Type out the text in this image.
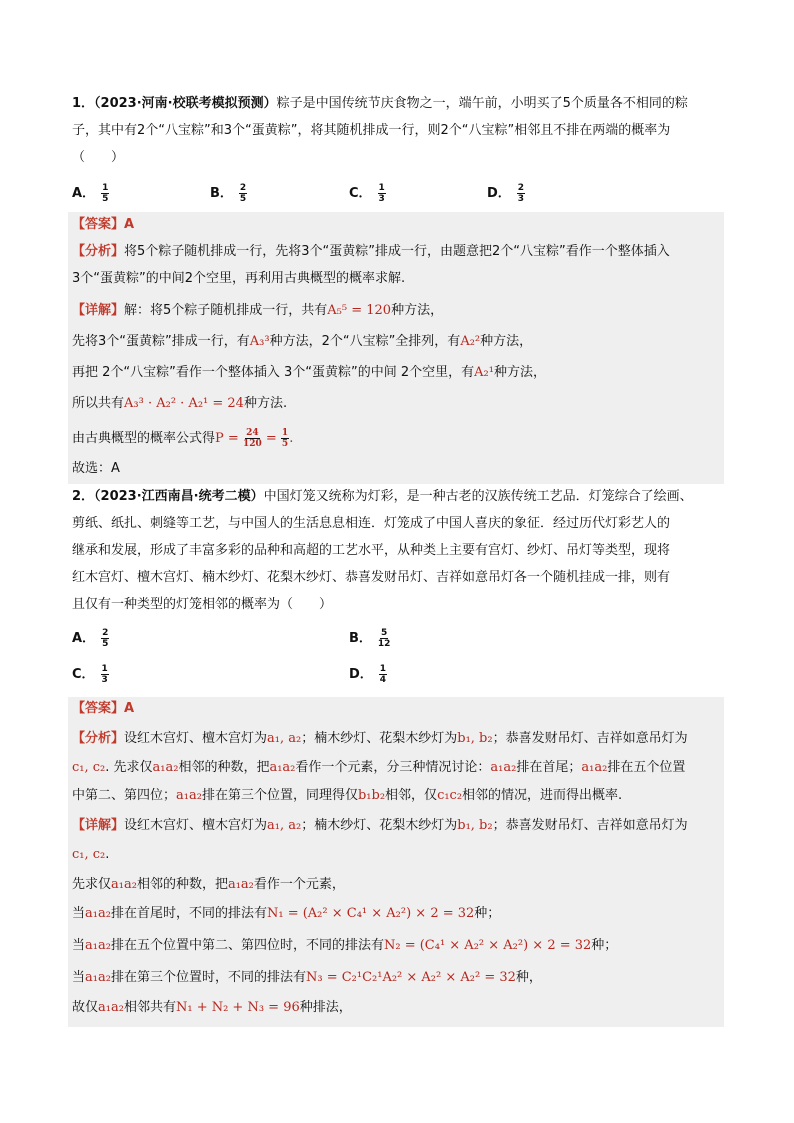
1．（2023·河南·校联考模拟预测）粽子是中国传统节庆食物之一，端午前，小明买了5个质量各不相同的粽
子，其中有2个“八宝粽”和3个“蛋黄粽”，将其随机排成一行，则2个“八宝粽”相邻且不排在两端的概率为
（　　）
A． $\frac{1}{5}$	B． $\frac{2}{5}$	C． $\frac{1}{3}$	D． $\frac{2}{3}$
【答案】A
【分析】将5个粽子随机排成一行，先将3个“蛋黄粽”排成一行，由题意把2个“八宝粽”看作一个整体插入
3个“蛋黄粽”的中间2个空里，再利用古典概型的概率求解.
【详解】解：将5个粽子随机排成一行，共有A₅⁵ = 120种方法，
先将3个“蛋黄粽”排成一行，有A₃³种方法，2个“八宝粽”全排列，有A₂²种方法，
再把 2个“八宝粽”看作一个整体插入 3个“蛋黄粽”的中间 2个空里，有A₂¹种方法，
所以共有A₃³ · A₂² · A₂¹ = 24种方法.
由古典概型的概率公式得$P = \frac{24}{120} = \frac{1}{5}$ .
故选：A
2．（2023·江西南昌·统考二模）中国灯笼又统称为灯彩，是一种古老的汉族传统工艺品．灯笼综合了绘画、
剪纸、纸扎、刺缝等工艺，与中国人的生活息息相连．灯笼成了中国人喜庆的象征．经过历代灯彩艺人的
继承和发展，形成了丰富多彩的品种和高超的工艺水平，从种类上主要有宫灯、纱灯、吊灯等类型，现将
红木宫灯、檀木宫灯、楠木纱灯、花梨木纱灯、恭喜发财吊灯、吉祥如意吊灯各一个随机挂成一排，则有
且仅有一种类型的灯笼相邻的概率为（　　）
A． $\frac{2}{5}$	B． $\frac{5}{12}$
C． $\frac{1}{3}$	D． $\frac{1}{4}$
【答案】A
【分析】设红木宫灯、檀木宫灯为a₁, a₂；楠木纱灯、花梨木纱灯为b₁, b₂；恭喜发财吊灯、吉祥如意吊灯为
c₁, c₂. 先求仅a₁a₂相邻的种数，把a₁a₂看作一个元素，分三种情况讨论：a₁a₂排在首尾；a₁a₂排在五个位置
中第二、第四位；a₁a₂排在第三个位置，同理得仅b₁b₂相邻，仅c₁c₂相邻的情况，进而得出概率.
【详解】设红木宫灯、檀木宫灯为a₁, a₂；楠木纱灯、花梨木纱灯为b₁, b₂；恭喜发财吊灯、吉祥如意吊灯为
c₁, c₂.
先求仅a₁a₂相邻的种数，把a₁a₂看作一个元素，
当a₁a₂排在首尾时，不同的排法有N₁ = (A₂² × C₄¹ × A₂²) × 2 = 32种；
当a₁a₂排在五个位置中第二、第四位时，不同的排法有N₂ = (C₄¹ × A₂² × A₂²) × 2 = 32种；
当a₁a₂排在第三个位置时，不同的排法有N₃ = C₂¹C₂¹A₂² × A₂² × A₂² = 32种，
故仅a₁a₂相邻共有N₁ + N₂ + N₃ = 96种排法，
